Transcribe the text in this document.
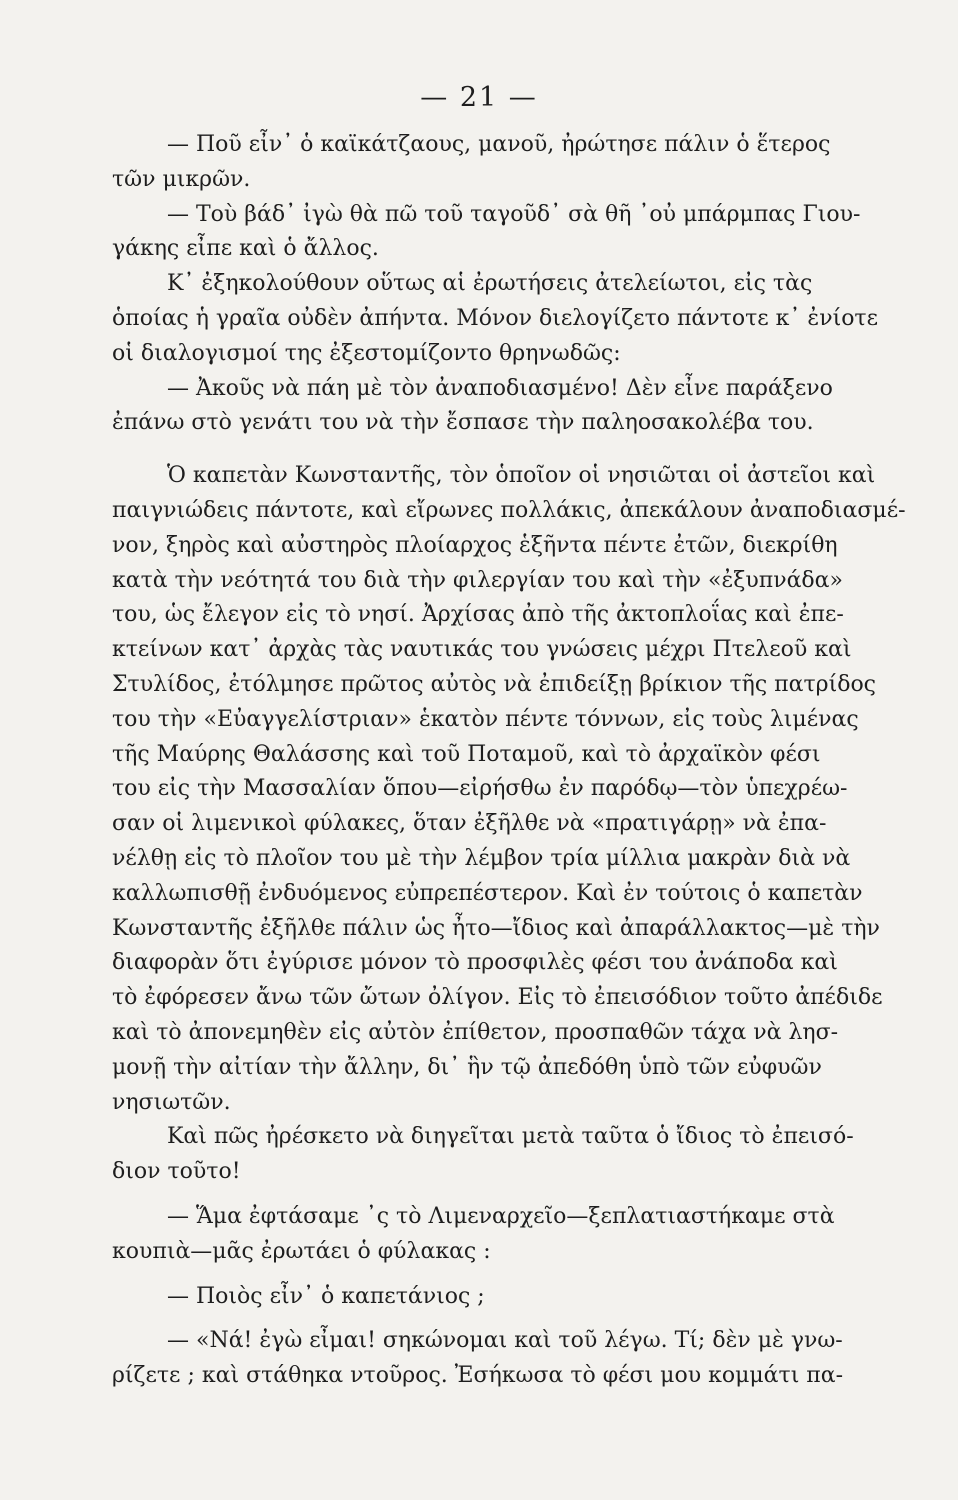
— 21 —
— Ποῦ εἶν᾽ ὁ καϊκάτζαους, μανοῦ, ἠρώτησε πάλιν ὁ ἕτερος
τῶν μικρῶν.
— Τοὺ βάδ᾽ ἰγὼ θὰ πῶ τοῦ ταγοῦδ᾽ σὰ θῆ ᾽οὐ μπάρμπας Γιου-
γάκης εἶπε καὶ ὁ ἄλλος.
Κ᾽ ἐξηκολούθουν οὕτως αἱ ἐρωτήσεις ἀτελείωτοι, εἰς τὰς
ὁποίας ἡ γραῖα οὐδὲν ἀπήντα. Μόνον διελογίζετο πάντοτε κ᾽ ἐνίοτε
οἱ διαλογισμοί της ἐξεστομίζοντο θρηνωδῶς:
— Ἀκοῦς νὰ πάη μὲ τὸν ἀναποδιασμένο! Δὲν εἶνε παράξενο
ἐπάνω στὸ γενάτι του νὰ τὴν ἔσπασε τὴν παληοσακολέβα του.
Ὁ καπετὰν Κωνσταντῆς, τὸν ὁποῖον οἱ νησιῶται οἱ ἀστεῖοι καὶ
παιγνιώδεις πάντοτε, καὶ εἴρωνες πολλάκις, ἀπεκάλουν ἀναποδιασμέ-
νον, ξηρὸς καὶ αὐστηρὸς πλοίαρχος ἑξῆντα πέντε ἐτῶν, διεκρίθη
κατὰ τὴν νεότητά του διὰ τὴν φιλεργίαν του καὶ τὴν «ἐξυπνάδα»
του, ὡς ἔλεγον εἰς τὸ νησί. Ἀρχίσας ἀπὸ τῆς ἀκτοπλοΐας καὶ ἐπε-
κτείνων κατ᾽ ἀρχὰς τὰς ναυτικάς του γνώσεις μέχρι Πτελεοῦ καὶ
Στυλίδος, ἐτόλμησε πρῶτος αὐτὸς νὰ ἐπιδείξῃ βρίκιον τῆς πατρίδος
του τὴν «Εὐαγγελίστριαν» ἑκατὸν πέντε τόννων, εἰς τοὺς λιμένας
τῆς Μαύρης Θαλάσσης καὶ τοῦ Ποταμοῦ, καὶ τὸ ἀρχαϊκὸν φέσι
του εἰς τὴν Μασσαλίαν ὅπου—εἰρήσθω ἐν παρόδῳ—τὸν ὑπεχρέω-
σαν οἱ λιμενικοὶ φύλακες, ὅταν ἐξῆλθε νὰ «πρατιγάρῃ» νὰ ἐπα-
νέλθῃ εἰς τὸ πλοῖον του μὲ τὴν λέμβον τρία μίλλια μακρὰν διὰ νὰ
καλλωπισθῇ ἐνδυόμενος εὐπρεπέστερον. Καὶ ἐν τούτοις ὁ καπετὰν
Κωνσταντῆς ἐξῆλθε πάλιν ὡς ἦτο—ἴδιος καὶ ἀπαράλλακτος—μὲ τὴν
διαφορὰν ὅτι ἐγύρισε μόνον τὸ προσφιλὲς φέσι του ἀνάποδα καὶ
τὸ ἐφόρεσεν ἄνω τῶν ὤτων ὀλίγον. Εἰς τὸ ἐπεισόδιον τοῦτο ἀπέδιδε
καὶ τὸ ἀπονεμηθὲν εἰς αὐτὸν ἐπίθετον, προσπαθῶν τάχα νὰ λησ-
μονῇ τὴν αἰτίαν τὴν ἄλλην, δι᾽ ἣν τῷ ἀπεδόθη ὑπὸ τῶν εὐφυῶν
νησιωτῶν.
Καὶ πῶς ἠρέσκετο νὰ διηγεῖται μετὰ ταῦτα ὁ ἴδιος τὸ ἐπεισό-
διον τοῦτο!
— Ἅμα ἐφτάσαμε ᾽ς τὸ Λιμεναρχεῖο—ξεπλατιαστήκαμε στὰ
κουπιὰ—μᾶς ἐρωτάει ὁ φύλακας :
— Ποιὸς εἶν᾽ ὁ καπετάνιος ;
— «Νά! ἐγὼ εἶμαι! σηκώνομαι καὶ τοῦ λέγω. Τί; δὲν μὲ γνω-
ρίζετε ; καὶ στάθηκα ντοῦρος. Ἐσήκωσα τὸ φέσι μου κομμάτι πα-
